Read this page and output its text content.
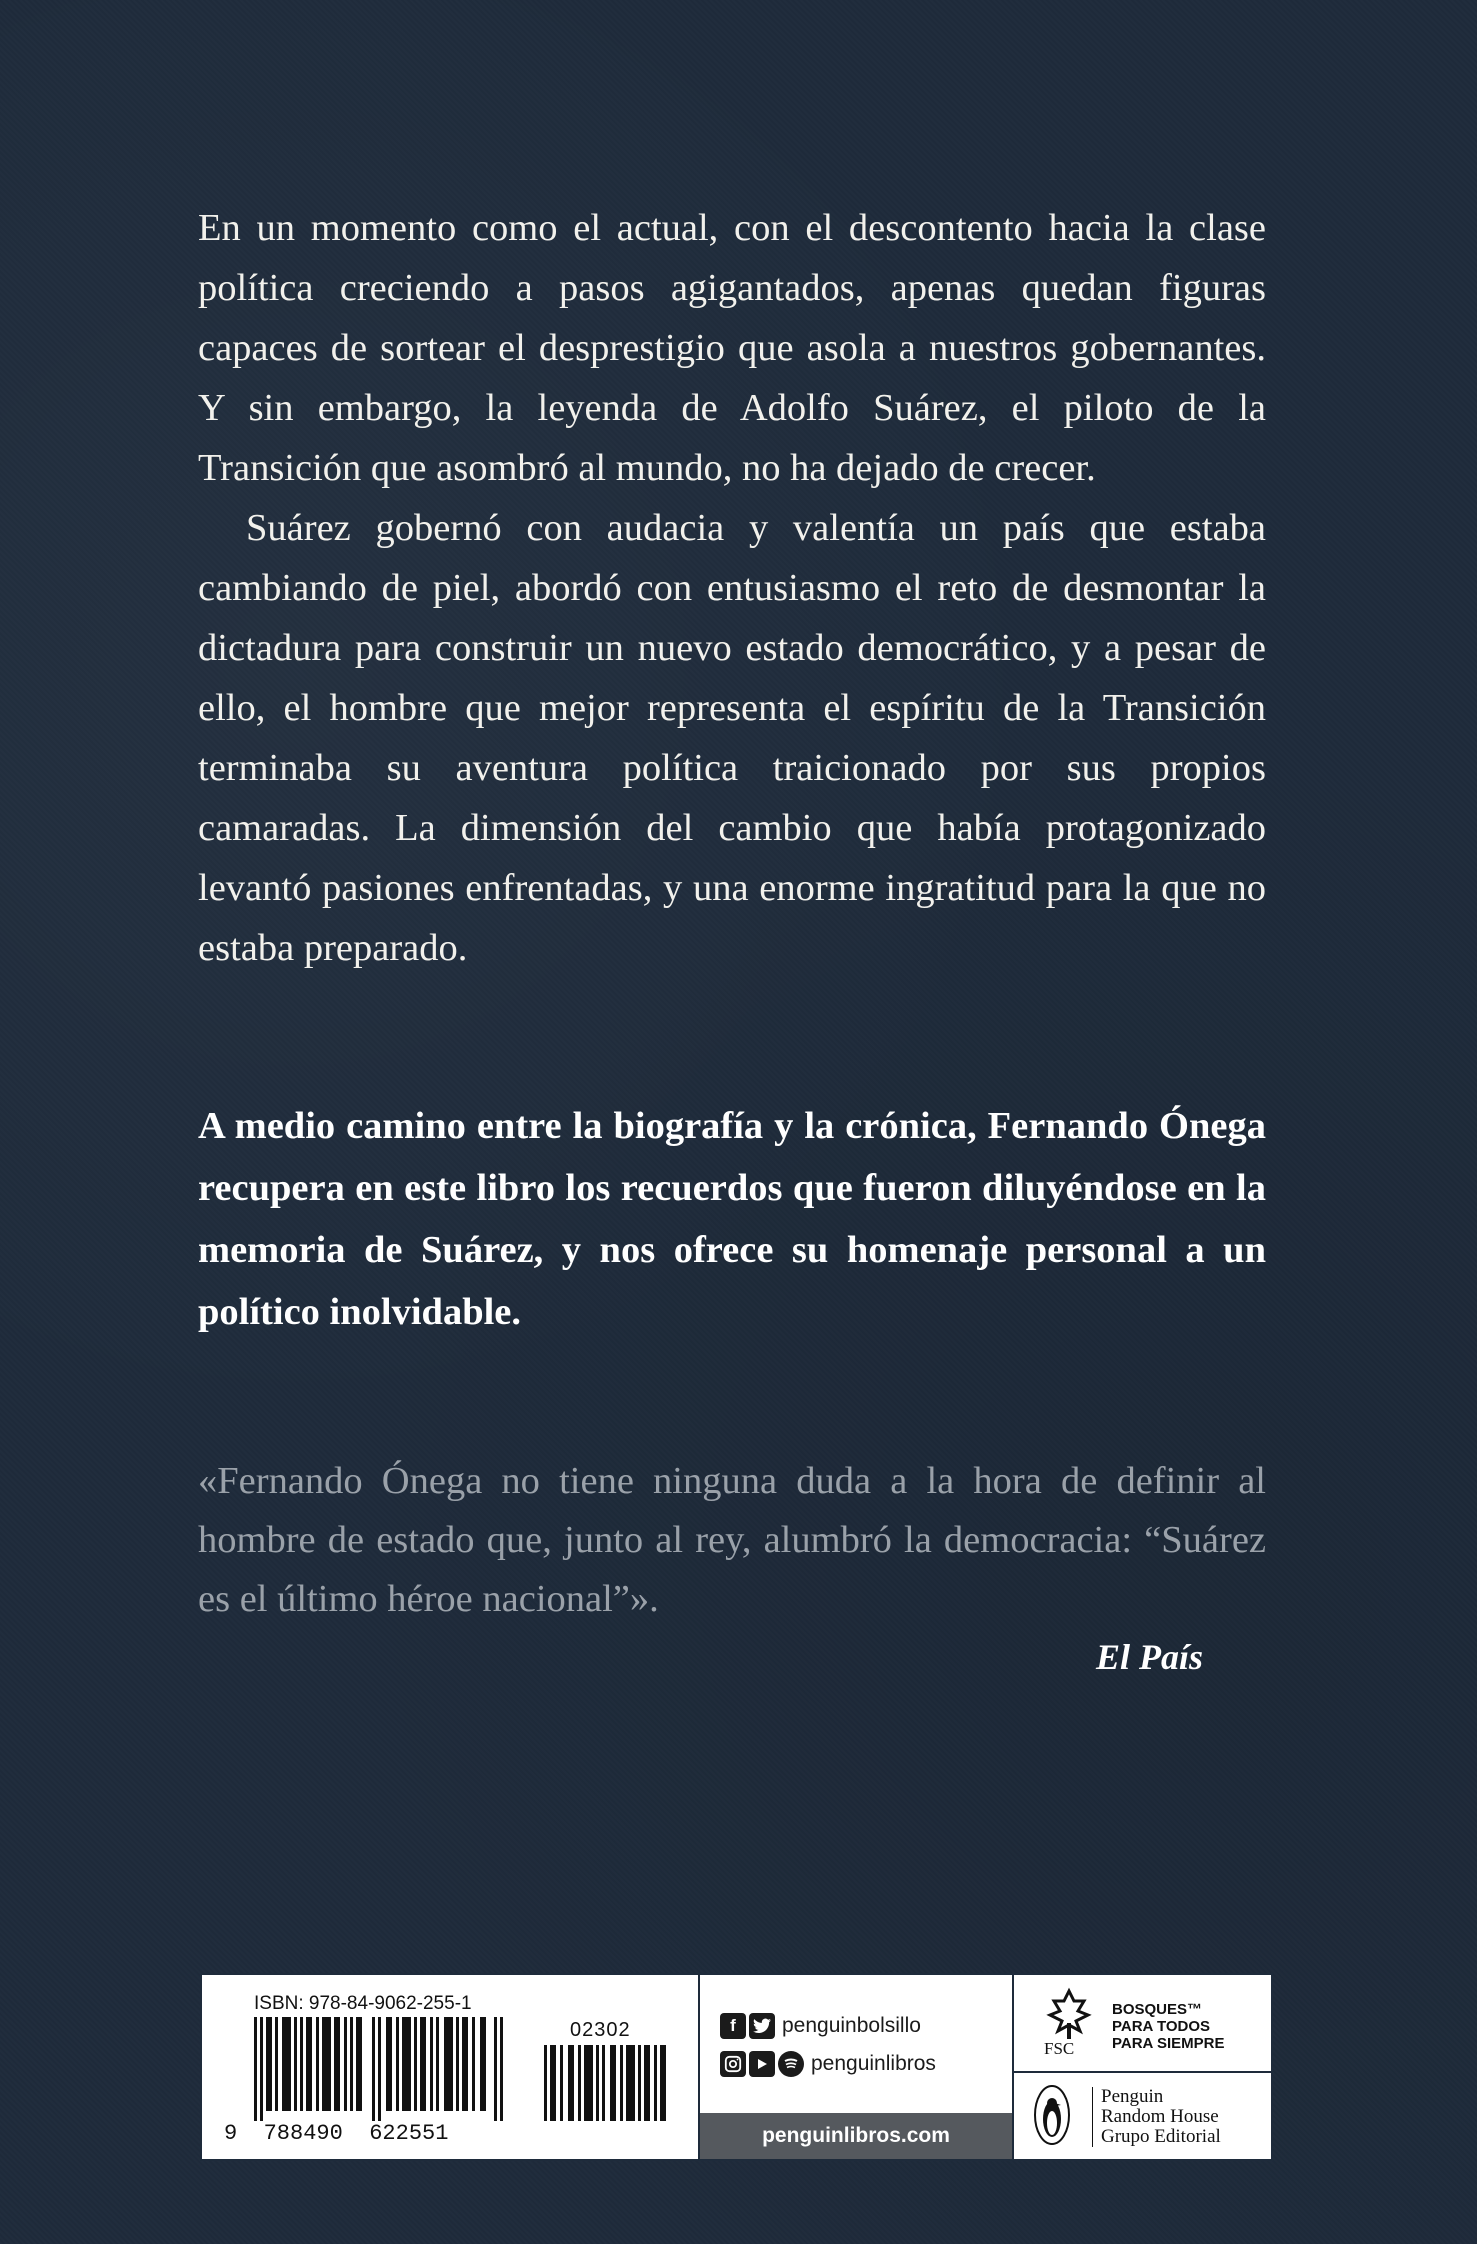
En un momento como el actual, con el descontento hacia la clase política creciendo a pasos agigantados, apenas quedan figuras capaces de sortear el desprestigio que asola a nuestros gobernantes. Y sin embargo, la leyenda de Adolfo Suárez, el piloto de la Transición que asombró al mundo, no ha dejado de crecer.

Suárez gobernó con audacia y valentía un país que estaba cambiando de piel, abordó con entusiasmo el reto de desmontar la dictadura para construir un nuevo estado democrático, y a pesar de ello, el hombre que mejor representa el espíritu de la Transición terminaba su aventura política traicionado por sus propios camaradas. La dimensión del cambio que había protagonizado levantó pasiones enfrentadas, y una enorme ingratitud para la que no estaba preparado.

A medio camino entre la biografía y la crónica, Fernando Ónega recupera en este libro los recuerdos que fueron diluyéndose en la memoria de Suárez, y nos ofrece su homenaje personal a un político inolvidable.

«Fernando Ónega no tiene ninguna duda a la hora de definir al hombre de estado que, junto al rey, alumbró la democracia: “Suárez es el último héroe nacional”».

El País
ISBN: 978-84-9062-255-1
02302
9  788490  622551
f	penguinbolsillo
penguinlibros
penguinlibros.com
FSC
BOSQUES™
PARA TODOS
PARA SIEMPRE
Penguin
Random House
Grupo Editorial
